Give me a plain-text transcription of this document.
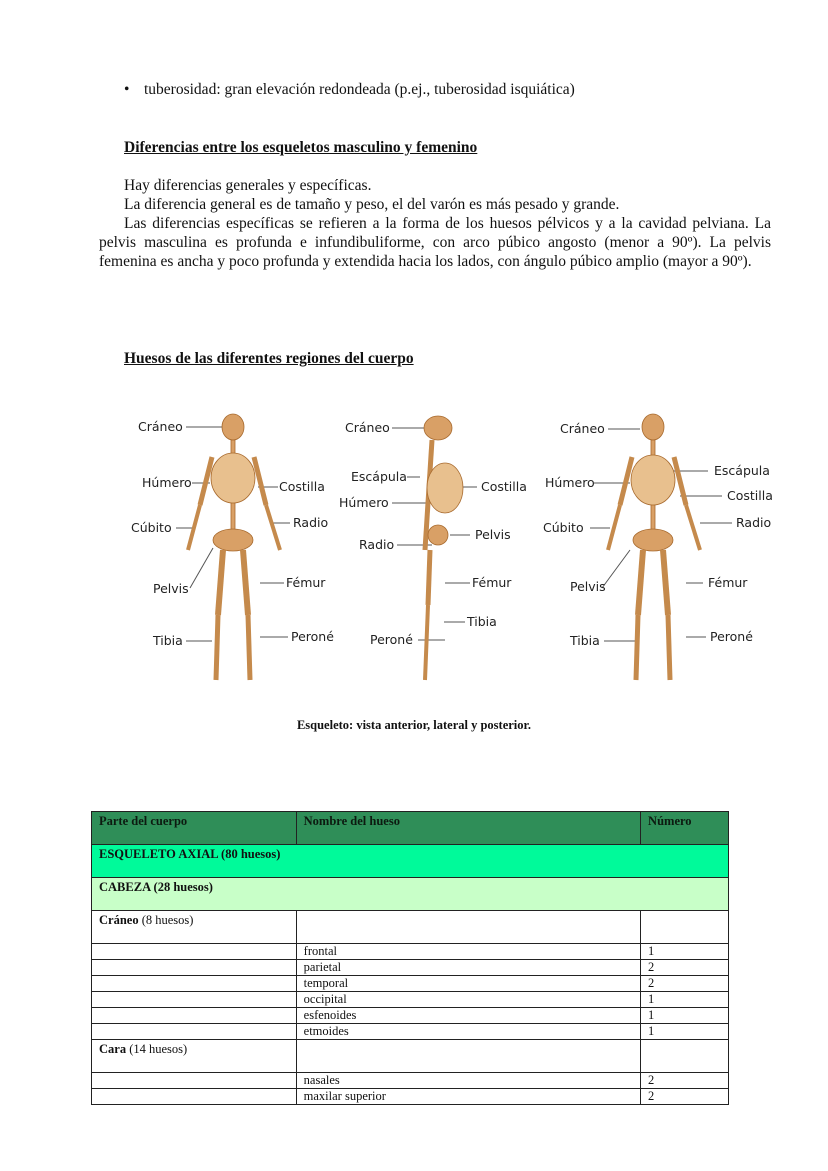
• tuberosidad: gran elevación redondeada (p.ej., tuberosidad isquiática)
Diferencias entre los esqueletos masculino y femenino

Hay diferencias generales y específicas.

La diferencia general es de tamaño y peso, el del varón es más pesado y grande.

Las diferencias específicas se refieren a la forma de los huesos pélvicos y a la cavidad pelviana. La pelvis masculina es profunda e infundibuliforme, con arco púbico angosto (menor a 90º). La pelvis femenina es ancha y poco profunda y extendida hacia los lados, con ángulo púbico amplio (mayor a 90º).

Huesos de las diferentes regiones del cuerpo
Cráneo
Húmero
Cúbito
Pelvis
Tibia
Costilla
Radio
Fémur
Peroné
Cráneo
Escápula
Húmero
Radio
Peroné
Costilla
Pelvis
Fémur
Tibia
Cráneo
Húmero
Cúbito
Pelvis
Tibia
Escápula
Costilla
Radio
Fémur
Peroné
Esqueleto: vista anterior, lateral y posterior.
Parte del cuerpo	Nombre del hueso	Número
ESQUELETO AXIAL (80 huesos)		
CABEZA (28 huesos)		
Cráneo (8 huesos)		
	frontal	1
	parietal	2
	temporal	2
	occipital	1
	esfenoides	1
	etmoides	1
Cara (14 huesos)		
	nasales	2
	maxilar superior	2
